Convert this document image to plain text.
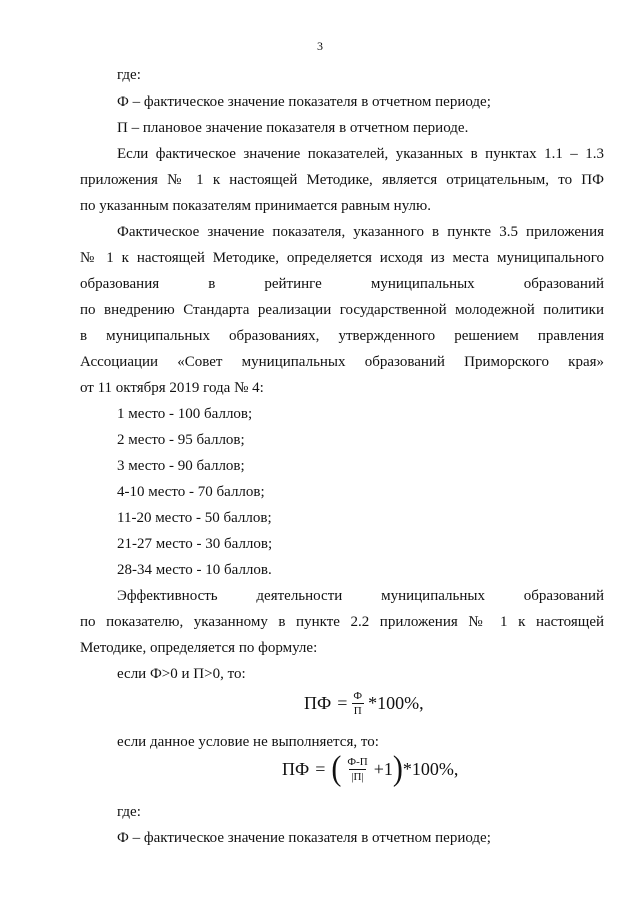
3
где:
Ф – фактическое значение показателя в отчетном периоде;
П – плановое значение показателя в отчетном периоде.
Если фактическое значение показателей, указанных в пунктах 1.1 – 1.3
приложения № 1 к настоящей Методике, является отрицательным, то ПФ
по указанным показателям принимается равным нулю.
Фактическое значение показателя, указанного в пункте 3.5 приложения
№ 1 к настоящей Методике, определяется исходя из места муниципального
образования в рейтинге муниципальных образований
по внедрению Стандарта реализации государственной молодежной политики
в муниципальных образованиях, утвержденного решением правления
Ассоциации «Совет муниципальных образований Приморского края»
от 11 октября 2019 года № 4:
1 место - 100 баллов;
2 место - 95 баллов;
3 место - 90 баллов;
4-10 место - 70 баллов;
11-20 место - 50 баллов;
21-27 место - 30 баллов;
28-34 место - 10 баллов.
Эффективность деятельности муниципальных образований
по показателю, указанному в пункте 2.2 приложения № 1 к настоящей
Методике, определяется по формуле:
если Ф>0 и П>0, то:
ПФ = $\frac{Ф}{П} *100\%$,
если данное условие не выполняется, то:
ПФ = ( $\frac{Ф-П}{|П|} +1$ ) *100%,
где:
Ф – фактическое значение показателя в отчетном периоде;
